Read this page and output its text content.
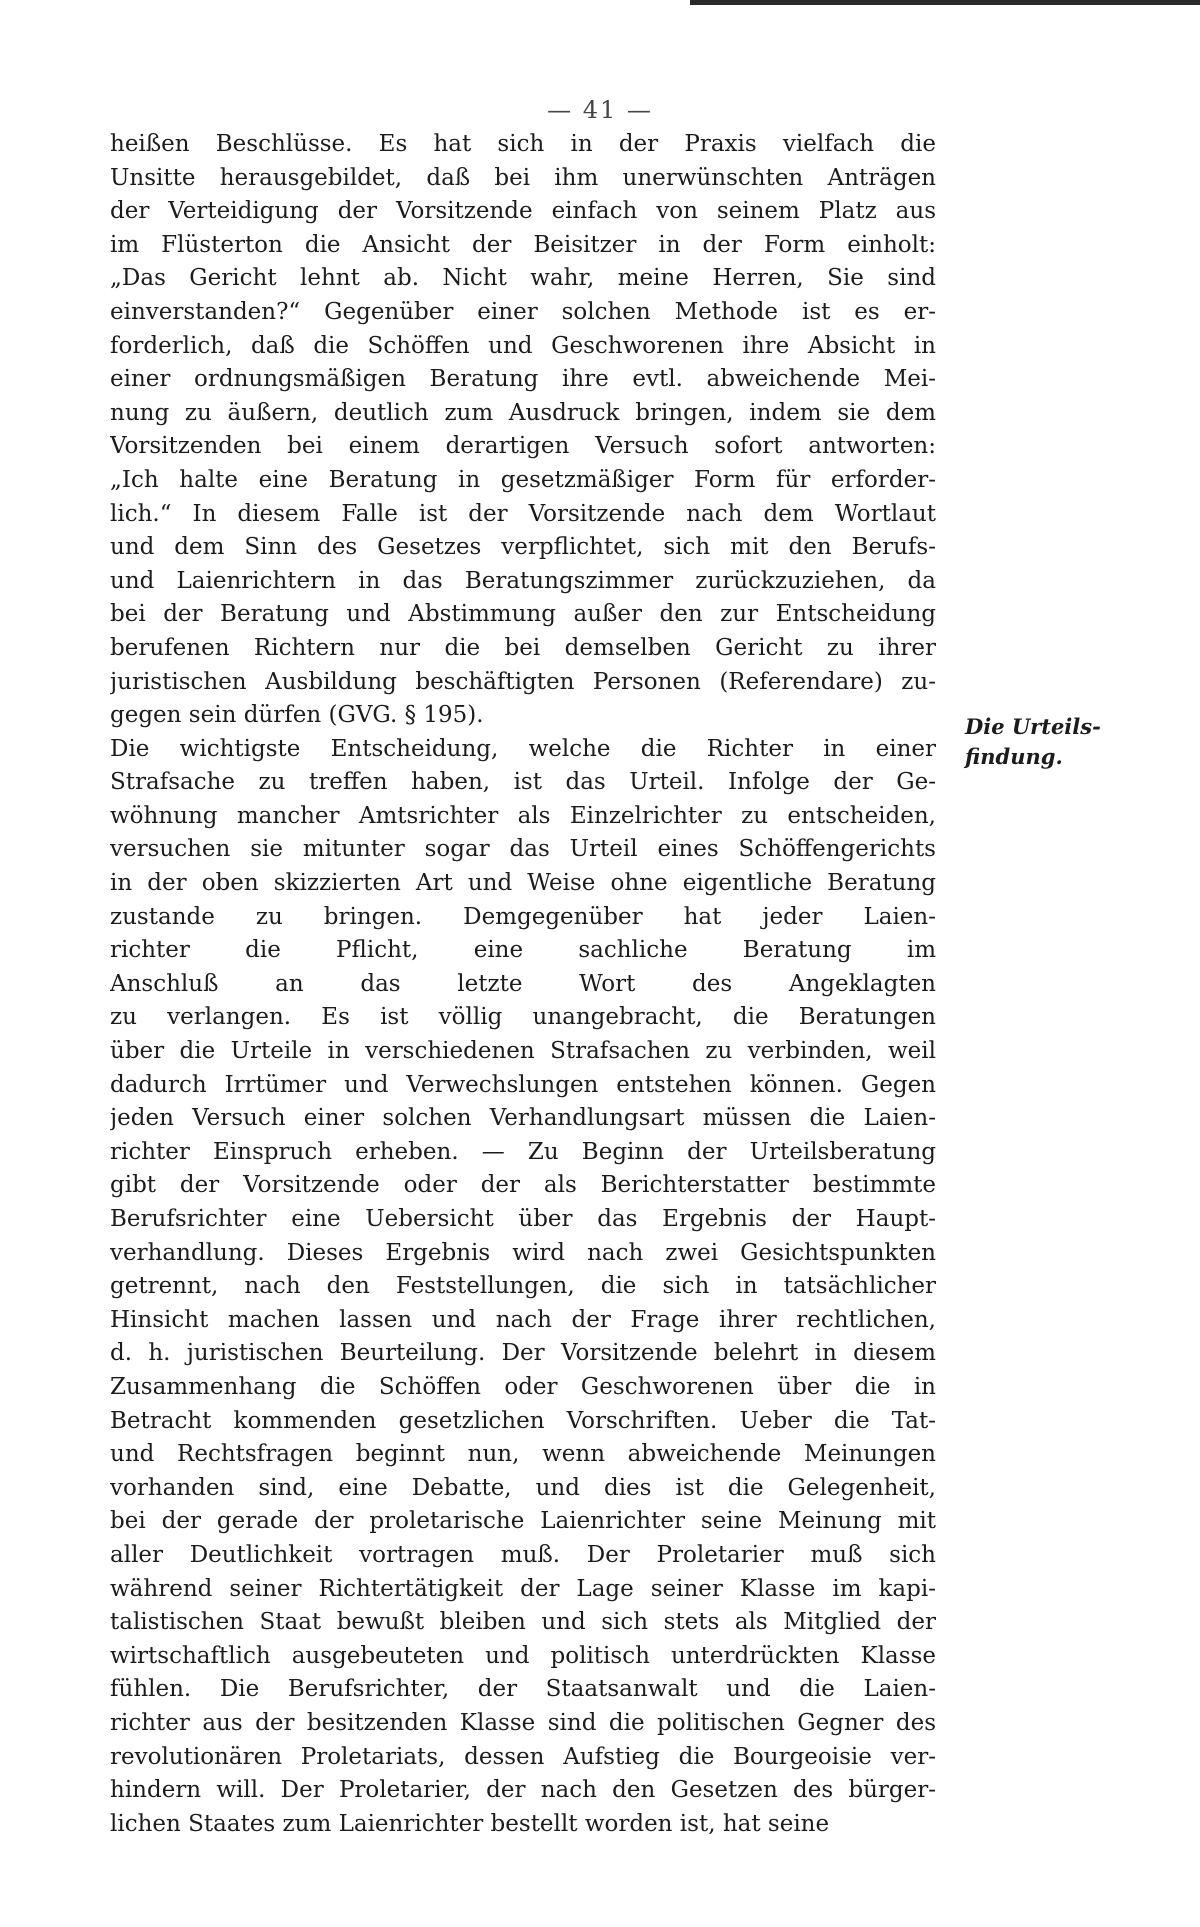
— 41 —
heißen Beschlüsse. Es hat sich in der Praxis vielfach die
Unsitte herausgebildet, daß bei ihm unerwünschten Anträgen
der Verteidigung der Vorsitzende einfach von seinem Platz aus
im Flüsterton die Ansicht der Beisitzer in der Form einholt:
„Das Gericht lehnt ab. Nicht wahr, meine Herren, Sie sind
einverstanden?“ Gegenüber einer solchen Methode ist es er-
forderlich, daß die Schöffen und Geschworenen ihre Absicht in
einer ordnungsmäßigen Beratung ihre evtl. abweichende Mei-
nung zu äußern, deutlich zum Ausdruck bringen, indem sie dem
Vorsitzenden bei einem derartigen Versuch sofort antworten:
„Ich halte eine Beratung in gesetzmäßiger Form für erforder-
lich.“ In diesem Falle ist der Vorsitzende nach dem Wortlaut
und dem Sinn des Gesetzes verpflichtet, sich mit den Berufs-
und Laienrichtern in das Beratungszimmer zurückzuziehen, da
bei der Beratung und Abstimmung außer den zur Entscheidung
berufenen Richtern nur die bei demselben Gericht zu ihrer
juristischen Ausbildung beschäftigten Personen (Referendare) zu-
gegen sein dürfen (GVG. § 195).
Die wichtigste Entscheidung, welche die Richter in einer
Strafsache zu treffen haben, ist das Urteil. Infolge der Ge-
wöhnung mancher Amtsrichter als Einzelrichter zu entscheiden,
versuchen sie mitunter sogar das Urteil eines Schöffengerichts
in der oben skizzierten Art und Weise ohne eigentliche Beratung
zustande zu bringen. Demgegenüber hat jeder Laien-
richter die Pflicht, eine sachliche Beratung im
Anschluß an das letzte Wort des Angeklagten
zu verlangen. Es ist völlig unangebracht, die Beratungen
über die Urteile in verschiedenen Strafsachen zu verbinden, weil
dadurch Irrtümer und Verwechslungen entstehen können. Gegen
jeden Versuch einer solchen Verhandlungsart müssen die Laien-
richter Einspruch erheben. — Zu Beginn der Urteilsberatung
gibt der Vorsitzende oder der als Berichterstatter bestimmte
Berufsrichter eine Uebersicht über das Ergebnis der Haupt-
verhandlung. Dieses Ergebnis wird nach zwei Gesichtspunkten
getrennt, nach den Feststellungen, die sich in tatsächlicher
Hinsicht machen lassen und nach der Frage ihrer rechtlichen,
d. h. juristischen Beurteilung. Der Vorsitzende belehrt in diesem
Zusammenhang die Schöffen oder Geschworenen über die in
Betracht kommenden gesetzlichen Vorschriften. Ueber die Tat-
und Rechtsfragen beginnt nun, wenn abweichende Meinungen
vorhanden sind, eine Debatte, und dies ist die Gelegenheit,
bei der gerade der proletarische Laienrichter seine Meinung mit
aller Deutlichkeit vortragen muß. Der Proletarier muß sich
während seiner Richtertätigkeit der Lage seiner Klasse im kapi-
talistischen Staat bewußt bleiben und sich stets als Mitglied der
wirtschaftlich ausgebeuteten und politisch unterdrückten Klasse
fühlen. Die Berufsrichter, der Staatsanwalt und die Laien-
richter aus der besitzenden Klasse sind die politischen Gegner des
revolutionären Proletariats, dessen Aufstieg die Bourgeoisie ver-
hindern will. Der Proletarier, der nach den Gesetzen des bürger-
lichen Staates zum Laienrichter bestellt worden ist, hat seine
Die Urteils-
findung.
